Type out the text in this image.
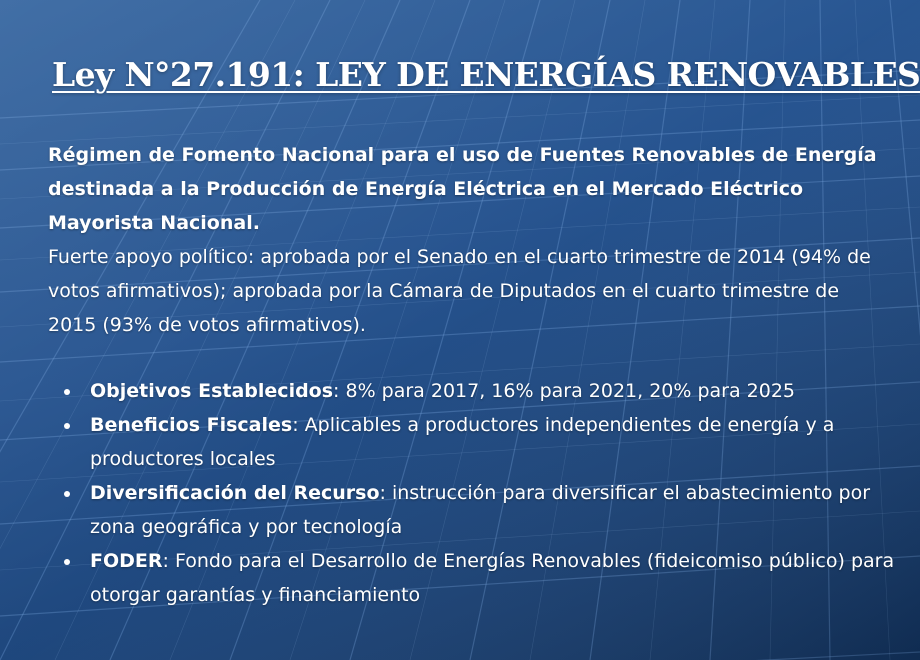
Ley N°27.191: LEY DE ENERGÍAS RENOVABLES

Régimen de Fomento Nacional para el uso de Fuentes Renovables de Energía destinada a la Producción de Energía Eléctrica en el Mercado Eléctrico Mayorista Nacional.

Fuerte apoyo político: aprobada por el Senado en el cuarto trimestre de 2014 (94% de votos afirmativos); aprobada por la Cámara de Diputados en el cuarto trimestre de 2015 (93% de votos afirmativos).

Objetivos Establecidos: 8% para 2017, 16% para 2021, 20% para 2025
Beneficios Fiscales: Aplicables a productores independientes de energía y a productores locales
Diversificación del Recurso: instrucción para diversificar el abastecimiento por zona geográfica y por tecnología
FODER: Fondo para el Desarrollo de Energías Renovables (fideicomiso público) para otorgar garantías y financiamiento
